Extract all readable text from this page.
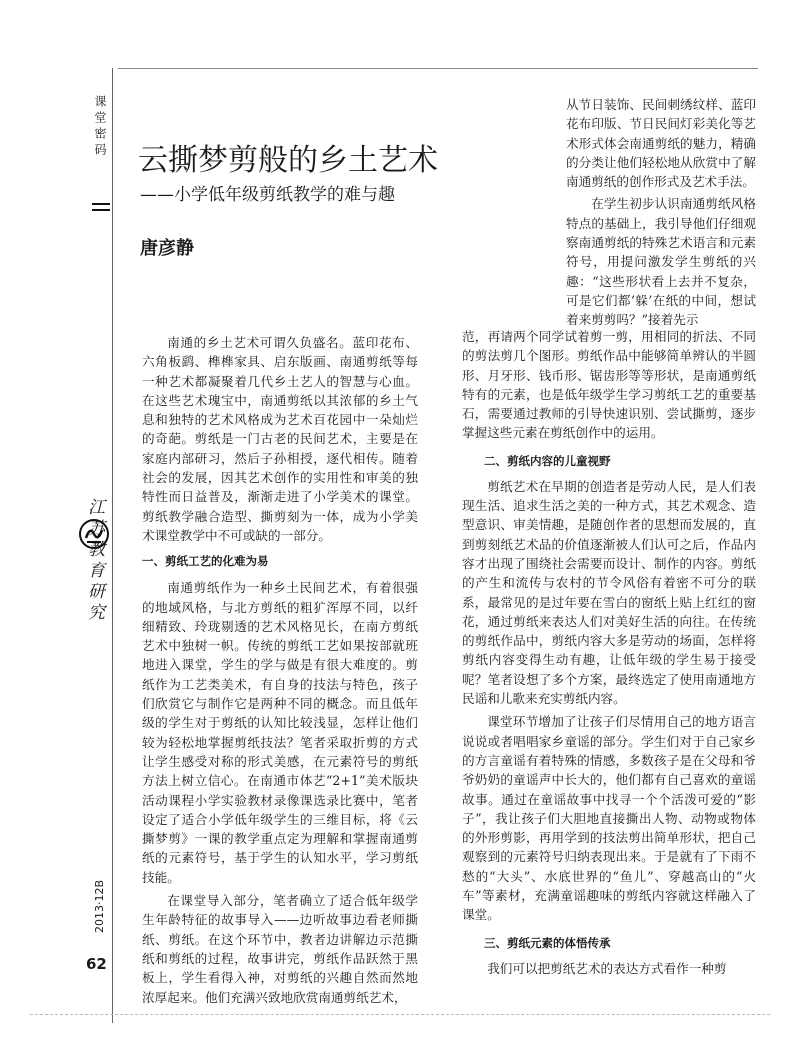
课堂密码
江苏教育研究
2013·12B
62
云撕梦剪般的乡土艺术
——小学低年级剪纸教学的难与趣
唐彦静

南通的乡土艺术可谓久负盛名。蓝印花布、六角板鹞、榫榫家具、启东版画、南通剪纸等每一种艺术都凝聚着几代乡土艺人的智慧与心血。在这些艺术瑰宝中，南通剪纸以其浓郁的乡土气息和独特的艺术风格成为艺术百花园中一朵灿烂的奇葩。剪纸是一门古老的民间艺术，主要是在家庭内部研习，然后子孙相授，逐代相传。随着社会的发展，因其艺术创作的实用性和审美的独特性而日益普及，渐渐走进了小学美术的课堂。剪纸教学融合造型、撕剪刻为一体，成为小学美术课堂教学中不可或缺的一部分。

一、剪纸工艺的化难为易

南通剪纸作为一种乡土民间艺术，有着很强的地域风格，与北方剪纸的粗犷浑厚不同，以纤细精致、玲珑剔透的艺术风格见长，在南方剪纸艺术中独树一帜。传统的剪纸工艺如果按部就班地进入课堂，学生的学与做是有很大难度的。剪纸作为工艺类美术，有自身的技法与特色，孩子们欣赏它与制作它是两种不同的概念。而且低年级的学生对于剪纸的认知比较浅显，怎样让他们较为轻松地掌握剪纸技法？笔者采取折剪的方式让学生感受对称的形式美感，在元素符号的剪纸方法上树立信心。在南通市体艺“2+1”美术版块活动课程小学实验教材录像课选录比赛中，笔者设定了适合小学低年级学生的三维目标，将《云撕梦剪》一课的教学重点定为理解和掌握南通剪纸的元素符号，基于学生的认知水平，学习剪纸技能。

在课堂导入部分，笔者确立了适合低年级学生年龄特征的故事导入——边听故事边看老师撕纸、剪纸。在这个环节中，教者边讲解边示范撕纸和剪纸的过程，故事讲完，剪纸作品跃然于黑板上，学生看得入神，对剪纸的兴趣自然而然地浓厚起来。他们充满兴致地欣赏南通剪纸艺术，

从节日装饰、民间刺绣纹样、蓝印花布印版、节日民间灯彩美化等艺术形式体会南通剪纸的魅力，精确的分类让他们轻松地从欣赏中了解南通剪纸的创作形式及艺术手法。

在学生初步认识南通剪纸风格特点的基础上，我引导他们仔细观察南通剪纸的特殊艺术语言和元素符号，用提问激发学生剪纸的兴趣：“这些形状看上去并不复杂，可是它们都‘躲’在纸的中间，想试着来剪剪吗？”接着先示

范，再请两个同学试着剪一剪，用相同的折法、不同的剪法剪几个图形。剪纸作品中能够简单辨认的半圆形、月牙形、钱币形、锯齿形等等形状，是南通剪纸特有的元素，也是低年级学生学习剪纸工艺的重要基石，需要通过教师的引导快速识别、尝试撕剪，逐步掌握这些元素在剪纸创作中的运用。

二、剪纸内容的儿童视野

剪纸艺术在早期的创造者是劳动人民，是人们表现生活、追求生活之美的一种方式，其艺术观念、造型意识、审美情趣，是随创作者的思想而发展的，直到剪刻纸艺术品的价值逐渐被人们认可之后，作品内容才出现了围绕社会需要而设计、制作的内容。剪纸的产生和流传与农村的节令风俗有着密不可分的联系，最常见的是过年要在雪白的窗纸上贴上红红的窗花，通过剪纸来表达人们对美好生活的向往。在传统的剪纸作品中，剪纸内容大多是劳动的场面，怎样将剪纸内容变得生动有趣，让低年级的学生易于接受呢？笔者设想了多个方案，最终选定了使用南通地方民谣和儿歌来充实剪纸内容。

课堂环节增加了让孩子们尽情用自己的地方语言说说或者唱唱家乡童谣的部分。学生们对于自己家乡的方言童谣有着特殊的情感，多数孩子是在父母和爷爷奶奶的童谣声中长大的，他们都有自己喜欢的童谣故事。通过在童谣故事中找寻一个个活泼可爱的“影子”，我让孩子们大胆地直接撕出人物、动物或物体的外形剪影，再用学到的技法剪出简单形状，把自己观察到的元素符号归纳表现出来。于是就有了下雨不愁的“大头”、水底世界的“鱼儿”、穿越高山的“火车”等素材，充满童谣趣味的剪纸内容就这样融入了课堂。

三、剪纸元素的体悟传承

我们可以把剪纸艺术的表达方式看作一种剪
